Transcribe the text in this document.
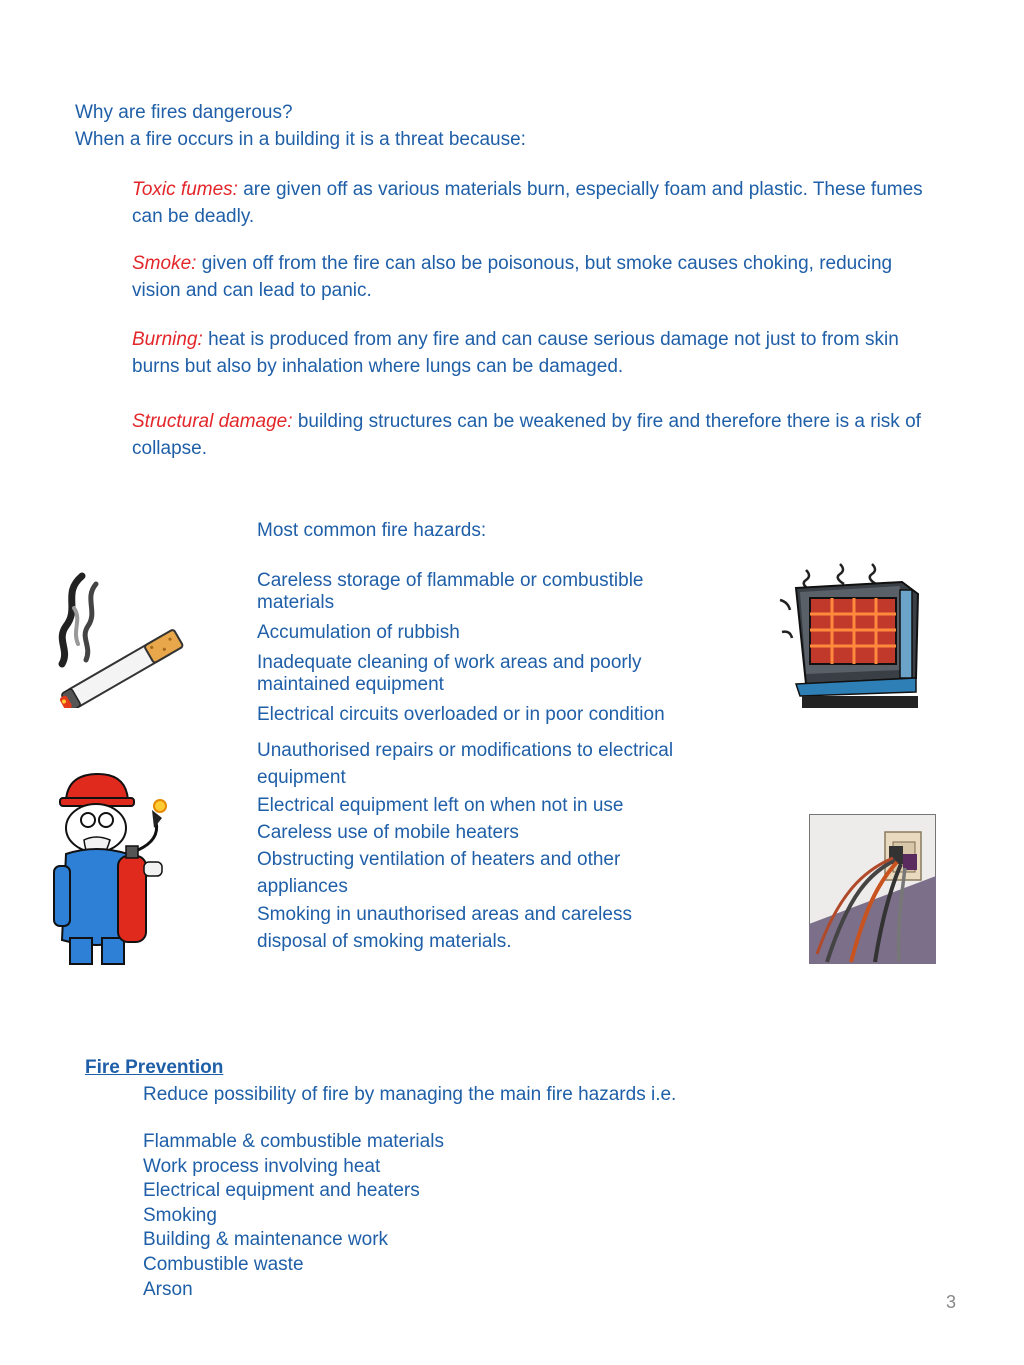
Why are fires dangerous?
When a fire occurs in a building it is a threat because:
Toxic fumes: are given off as various materials burn, especially foam and plastic. These fumes can be deadly.
Smoke: given off from the fire can also be poisonous, but smoke causes choking, reducing vision and can lead to panic.
Burning: heat is produced from any fire and can cause serious damage not just to from skin burns but also by inhalation where lungs can be damaged.
Structural damage: building structures can be weakened by fire and therefore there is a risk of collapse.
Most common fire hazards:
Careless storage of flammable or combustible materials
Accumulation of rubbish
Inadequate cleaning of work areas and poorly maintained equipment
Electrical circuits overloaded or in poor condition
Unauthorised repairs or modifications to electrical equipment
Electrical equipment left on when not in use
Careless use of mobile heaters
Obstructing ventilation of heaters and other appliances
Smoking in unauthorised areas and careless disposal of smoking materials.
Fire Prevention
Reduce possibility of fire by managing the main fire hazards i.e.
Flammable & combustible materials
Work process involving heat
Electrical equipment and heaters
Smoking
Building & maintenance work
Combustible waste
Arson
3
